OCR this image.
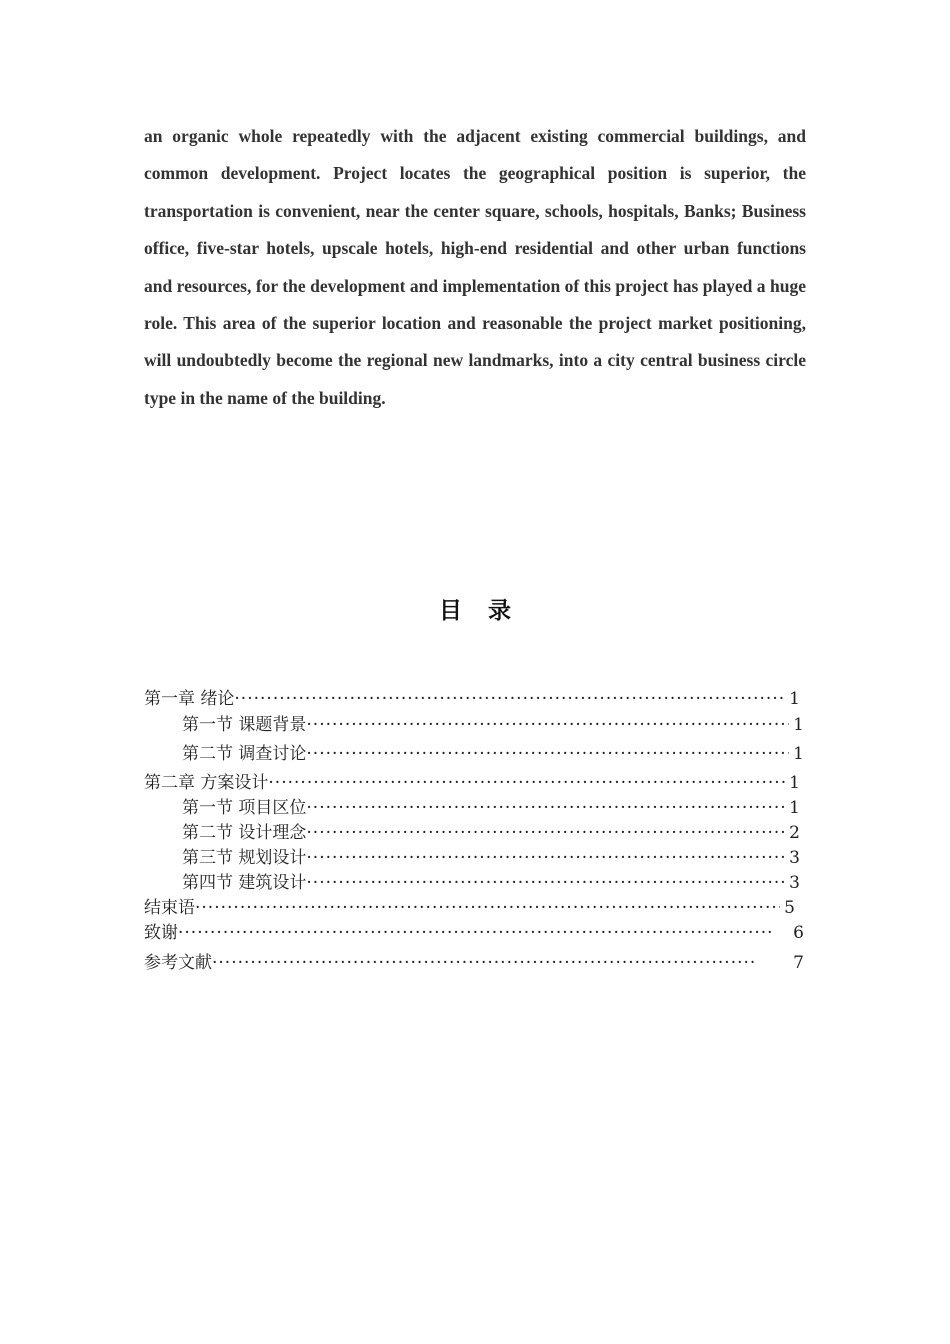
an organic whole repeatedly with the adjacent existing commercial buildings, and common development. Project locates the geographical position is superior, the transportation is convenient, near the center square, schools, hospitals, Banks; Business office, five-star hotels, upscale hotels, high-end residential and other urban functions and resources, for the development and implementation of this project has played a huge role. This area of the superior location and reasonable the project market positioning, will undoubtedly become the regional new landmarks, into a city central business circle type in the name of the building.

目录
第一章 绪论 ·····	1
第一节 课题背景 ·····	1
第二节 调查讨论 ·····	1
第二章 方案设计 ·····	1
第一节 项目区位 ·····	1
第二节 设计理念 ·····	2
第三节 规划设计 ·····	3
第四节 建筑设计 ·····	3
结束语 ·····	5
致谢 ·····	6
参考文献 ·····	7
